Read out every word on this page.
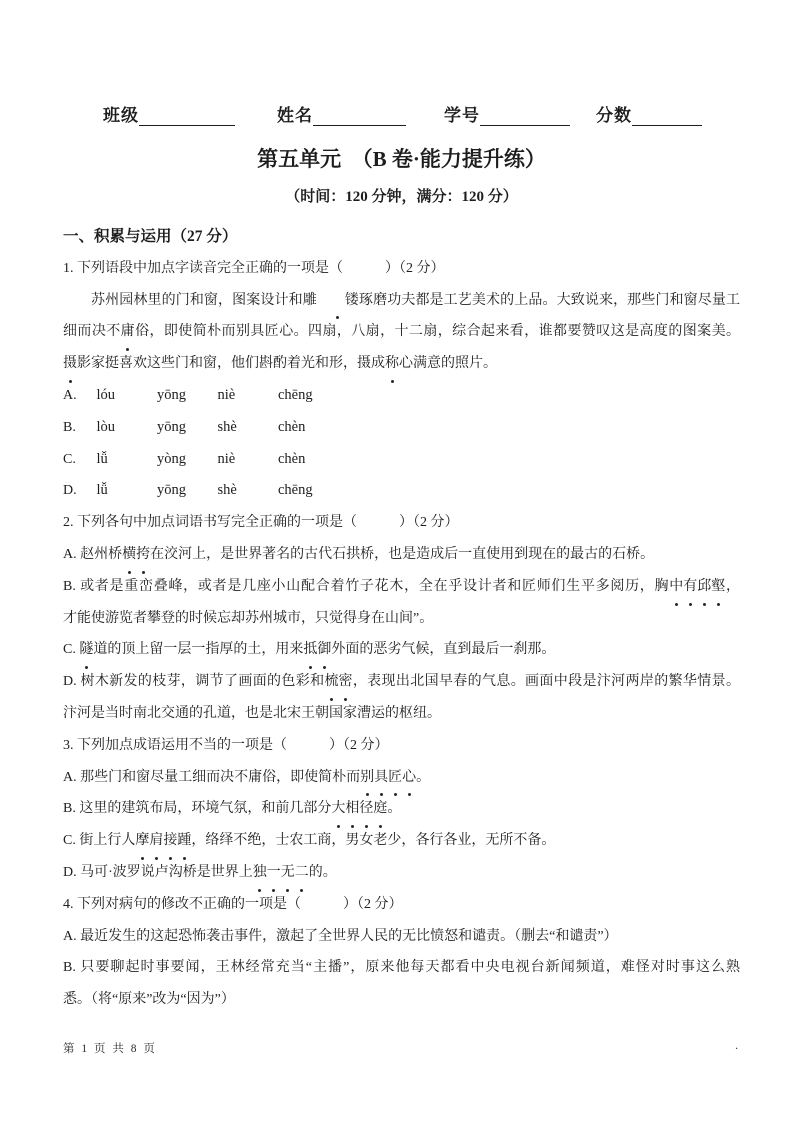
班级	姓名	学号	分数
第五单元　（B 卷·能力提升练）
（时间：120 分钟，满分：120 分）
一、积累与运用（27 分）
1. 下列语段中加点字读音完全正确的一项是（　　　）（2 分）
苏州园林里的门和窗，图案设计和雕 镂琢磨功夫都是工艺美术的上品。大致说来，那些门和窗尽量工
细而决不庸俗，即使简朴而别具匠心。四扇，八扇，十二扇，综合起来看，谁都要赞叹这是高度的图案美。
摄影家挺喜欢这些门和窗，他们斟酌着光和形，摄成称心满意的照片。
A. lóu	yōng niè	chēng
B. lòu	yōng shè	chèn
C. lǚ	yòng niè	chèn
D. lǚ	yōng shè	chēng
2. 下列各句中加点词语书写完全正确的一项是（　　　）（2 分）
A. 赵州桥横挎在洨河上，是世界著名的古代石拱桥，也是造成后一直使用到现在的最古的石桥。
B. 或者是重峦叠峰，或者是几座小山配合着竹子花木，全在乎设计者和匠师们生平多阅历，胸中有邱壑，
才能使游览者攀登的时候忘却苏州城市，只觉得身在山间”。
C. 隧道的顶上留一层一指厚的土，用来抵御外面的恶劣气候，直到最后一刹那。
D. 树木新发的枝芽，调节了画面的色彩和梳密，表现出北国早春的气息。画面中段是汴河两岸的繁华情景。
汴河是当时南北交通的孔道，也是北宋王朝国家漕运的枢纽。
3. 下列加点成语运用不当的一项是（　　　）（2 分）
A. 那些门和窗尽量工细而决不庸俗，即使简朴而别具匠心。
B. 这里的建筑布局，环境气氛，和前几部分大相径庭。
C. 街上行人摩肩接踵，络绎不绝，士农工商，男女老少，各行各业，无所不备。
D. 马可·波罗说卢沟桥是世界上独一无二的。
4. 下列对病句的修改不正确的一项是（　　　）（2 分）
A. 最近发生的这起恐怖袭击事件，激起了全世界人民的无比愤怒和谴责。（删去“和谴责”）
B. 只要聊起时事要闻，王林经常充当“主播”，原来他每天都看中央电视台新闻频道，难怪对时事这么熟
悉。（将“原来”改为“因为”）
第 1 页 共 8 页	.
